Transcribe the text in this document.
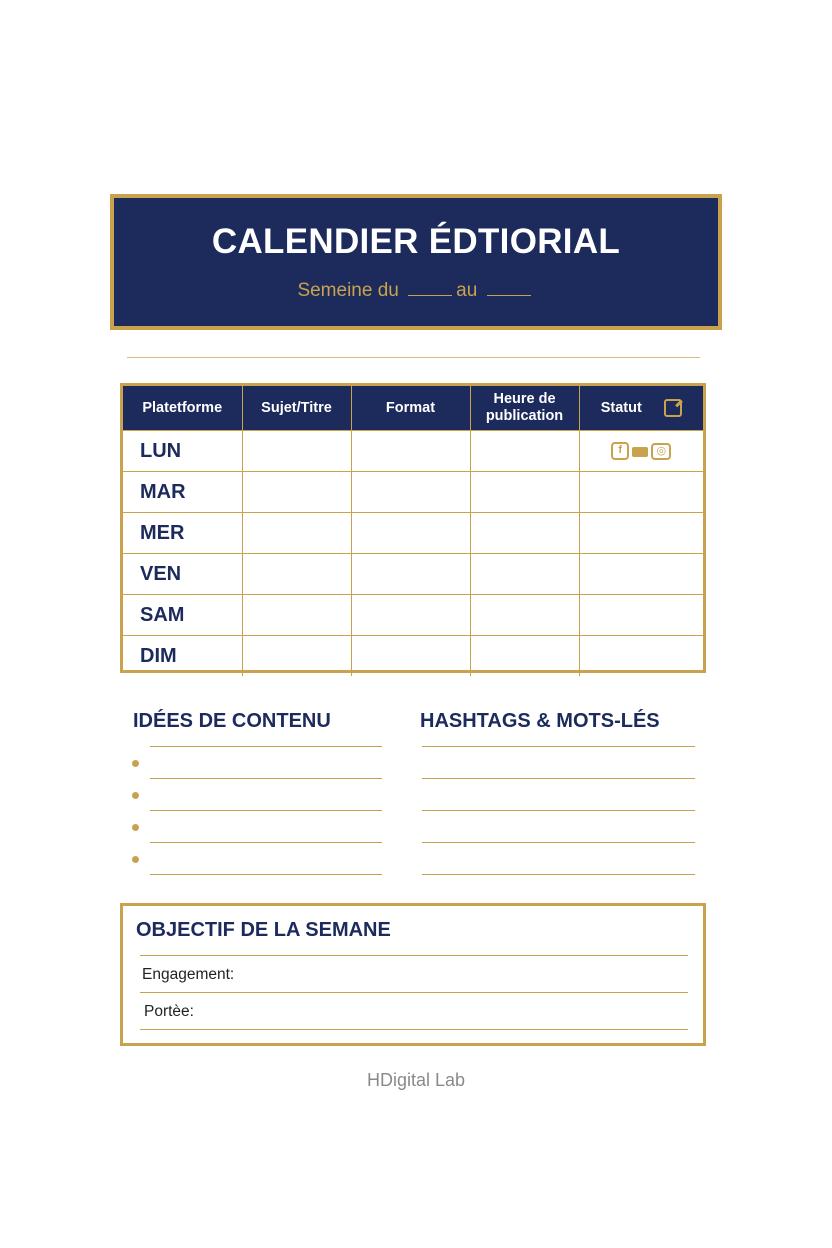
CALENDIER ÉDTIORIAL
Semeine du	au
Platetforme	Sujet/Titre	Format	Heure de publication	Statut

LUN				f ◎

MAR				
MER				
VEN				
SAM				
DIM				
IDÉES DE CONTENU	HASHTAGS & MOTS-LÉS
OBJECTIF DE LA SEMANE
Engagement:
Portèe:
HDigital Lab
